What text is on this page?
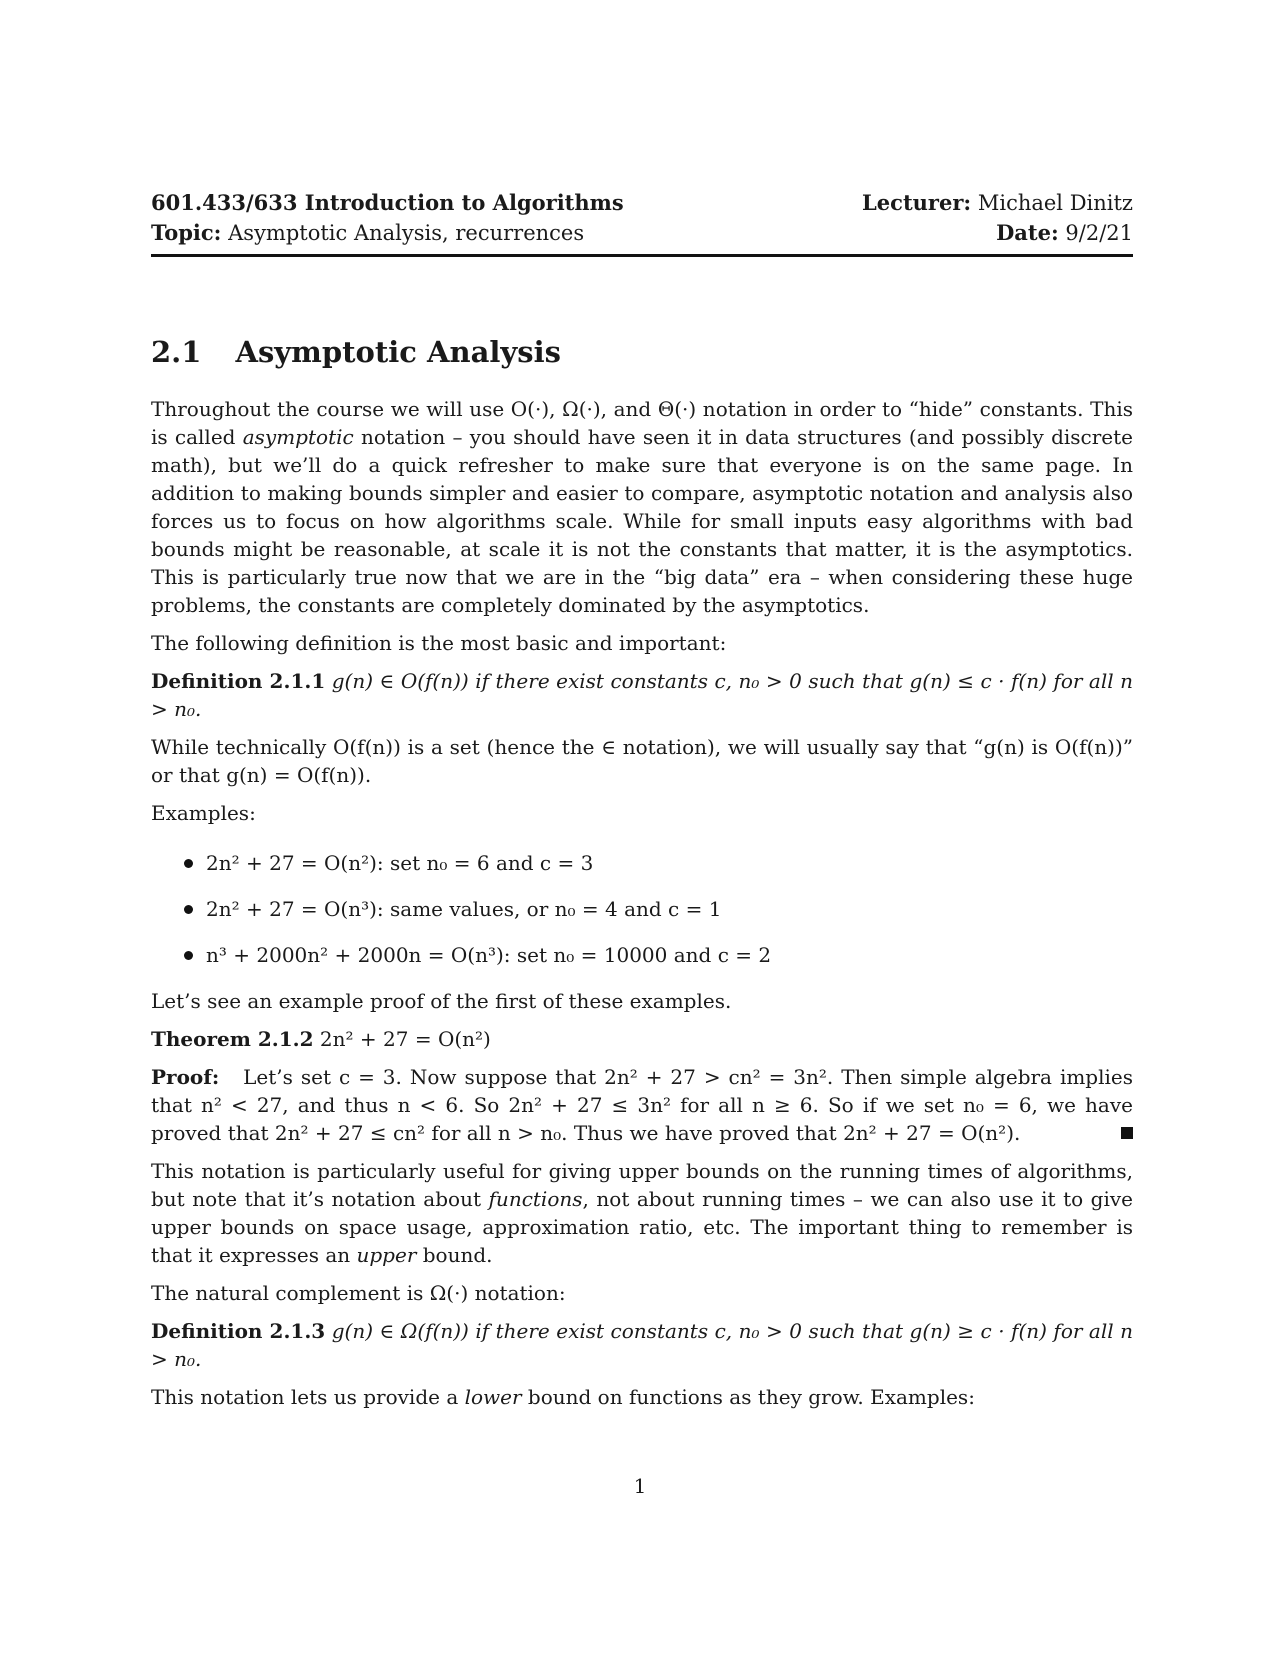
601.433/633 Introduction to Algorithms	Lecturer: Michael Dinitz
Topic: Asymptotic Analysis, recurrences	Date: 9/2/21
2.1 Asymptotic Analysis

Throughout the course we will use O(·), Ω(·), and Θ(·) notation in order to “hide” constants. This is called asymptotic notation – you should have seen it in data structures (and possibly discrete math), but we’ll do a quick refresher to make sure that everyone is on the same page. In addition to making bounds simpler and easier to compare, asymptotic notation and analysis also forces us to focus on how algorithms scale. While for small inputs easy algorithms with bad bounds might be reasonable, at scale it is not the constants that matter, it is the asymptotics. This is particularly true now that we are in the “big data” era – when considering these huge problems, the constants are completely dominated by the asymptotics.

The following definition is the most basic and important:

Definition 2.1.1 g(n) ∈ O(f(n)) if there exist constants c, n₀ > 0 such that g(n) ≤ c · f(n) for all n > n₀.

While technically O(f(n)) is a set (hence the ∈ notation), we will usually say that “g(n) is O(f(n))” or that g(n) = O(f(n)).

Examples:

2n² + 27 = O(n²): set n₀ = 6 and c = 3
2n² + 27 = O(n³): same values, or n₀ = 4 and c = 1
n³ + 2000n² + 2000n = O(n³): set n₀ = 10000 and c = 2

Let’s see an example proof of the first of these examples.

Theorem 2.1.2 2n² + 27 = O(n²)

Proof: Let’s set c = 3. Now suppose that 2n² + 27 > cn² = 3n². Then simple algebra implies that n² < 27, and thus n < 6. So 2n² + 27 ≤ 3n² for all n ≥ 6. So if we set n₀ = 6, we have proved that 2n² + 27 ≤ cn² for all n > n₀. Thus we have proved that 2n² + 27 = O(n²).

This notation is particularly useful for giving upper bounds on the running times of algorithms, but note that it’s notation about functions, not about running times – we can also use it to give upper bounds on space usage, approximation ratio, etc. The important thing to remember is that it expresses an upper bound.

The natural complement is Ω(·) notation:

Definition 2.1.3 g(n) ∈ Ω(f(n)) if there exist constants c, n₀ > 0 such that g(n) ≥ c · f(n) for all n > n₀.

This notation lets us provide a lower bound on functions as they grow. Examples:

1
